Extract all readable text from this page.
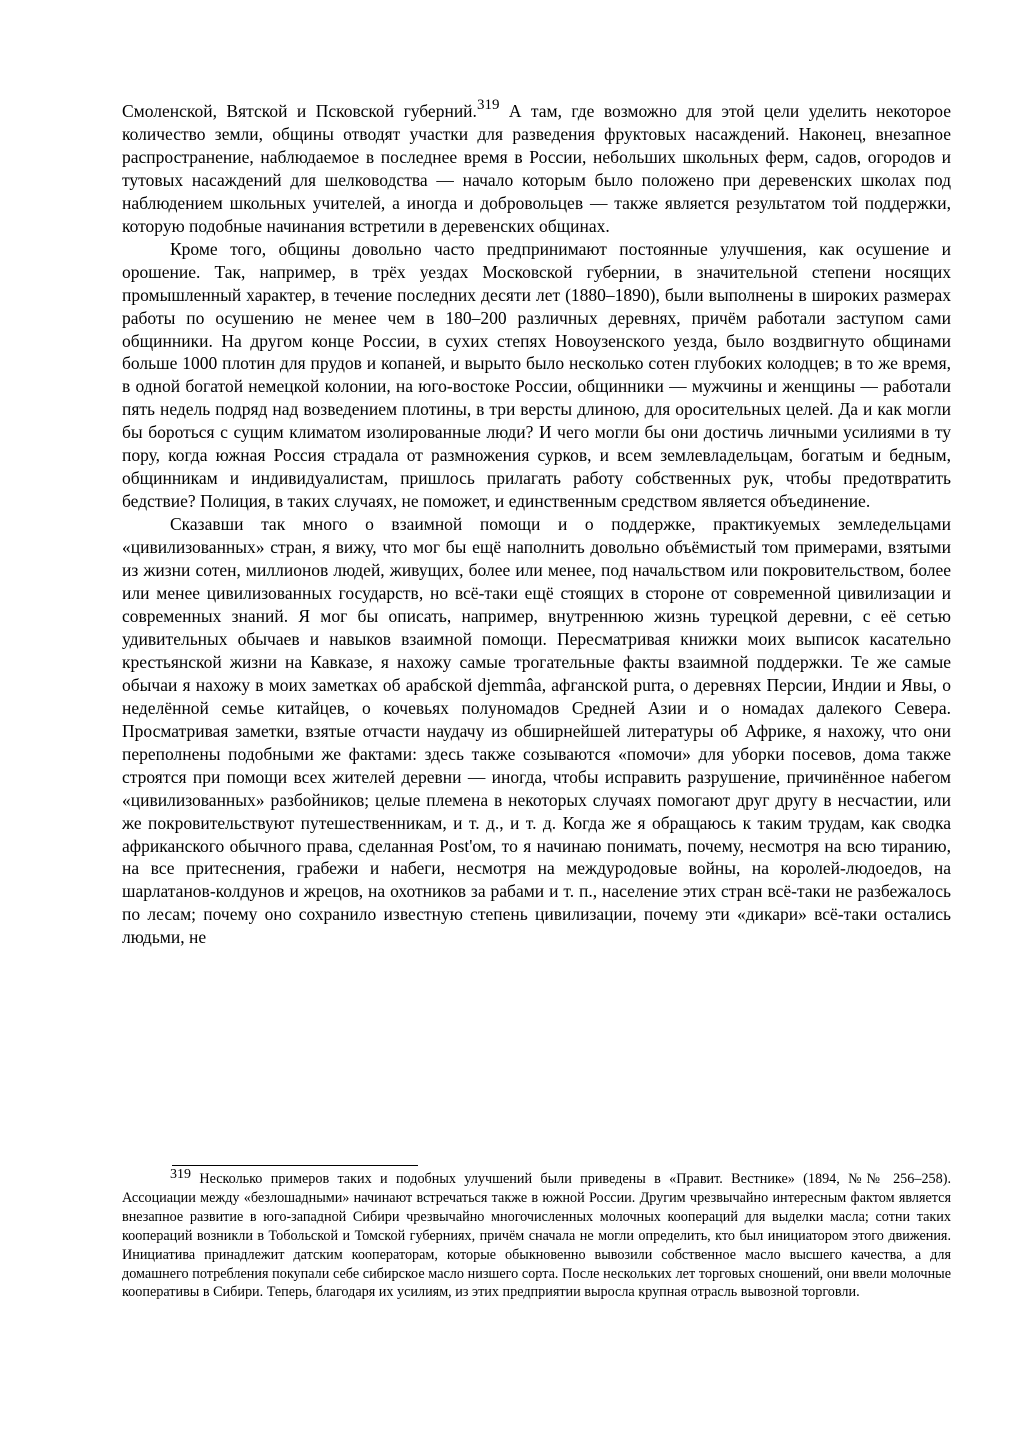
Смоленской, Вятской и Псковской губерний.319 А там, где возможно для этой цели уделить некоторое количество земли, общины отводят участки для разведения фруктовых насаждений. Наконец, внезапное распространение, наблюдаемое в последнее время в России, небольших школьных ферм, садов, огородов и тутовых насаждений для шелководства — начало которым было положено при деревенских школах под наблюдением школьных учителей, а иногда и добровольцев — также является результатом той поддержки, которую подобные начинания встретили в деревенских общинах.

Кроме того, общины довольно часто предпринимают постоянные улучшения, как осушение и орошение. Так, например, в трёх уездах Московской губернии, в значительной степени носящих промышленный характер, в течение последних десяти лет (1880–1890), были выполнены в широких размерах работы по осушению не менее чем в 180–200 различных деревнях, причём работали заступом сами общинники. На другом конце России, в сухих степях Новоузенского уезда, было воздвигнуто общинами больше 1000 плотин для прудов и копаней, и вырыто было несколько сотен глубоких колодцев; в то же время, в одной богатой немецкой колонии, на юго-востоке России, общинники — мужчины и женщины — работали пять недель подряд над возведением плотины, в три версты длиною, для оросительных целей. Да и как могли бы бороться с сущим климатом изолированные люди? И чего могли бы они достичь личными усилиями в ту пору, когда южная Россия страдала от размножения сурков, и всем землевладельцам, богатым и бедным, общинникам и индивидуалистам, пришлось прилагать работу собственных рук, чтобы предотвратить бедствие? Полиция, в таких случаях, не поможет, и единственным средством является объединение.

Сказавши так много о взаимной помощи и о поддержке, практикуемых земледельцами «цивилизованных» стран, я вижу, что мог бы ещё наполнить довольно объёмистый том примерами, взятыми из жизни сотен, миллионов людей, живущих, более или менее, под начальством или покровительством, более или менее цивилизованных государств, но всё-таки ещё стоящих в стороне от современной цивилизации и современных знаний. Я мог бы описать, например, внутреннюю жизнь турецкой деревни, с её сетью удивительных обычаев и навыков взаимной помощи. Пересматривая книжки моих выписок касательно крестьянской жизни на Кавказе, я нахожу самые трогательные факты взаимной поддержки. Те же самые обычаи я нахожу в моих заметках об арабской djemmâa, афганской purra, о деревнях Персии, Индии и Явы, о неделённой семье китайцев, о кочевьях полуномадов Средней Азии и о номадах далекого Севера. Просматривая заметки, взятые отчасти наудачу из обширнейшей литературы об Африке, я нахожу, что они переполнены подобными же фактами: здесь также созываются «помочи» для уборки посевов, дома также строятся при помощи всех жителей деревни — иногда, чтобы исправить разрушение, причинённое набегом «цивилизованных» разбойников; целые племена в некоторых случаях помогают друг другу в несчастии, или же покровительствуют путешественникам, и т. д., и т. д. Когда же я обращаюсь к таким трудам, как сводка африканского обычного права, сделанная Post'ом, то я начинаю понимать, почему, несмотря на всю тиранию, на все притеснения, грабежи и набеги, несмотря на междуродовые войны, на королей-людоедов, на шарлатанов-колдунов и жрецов, на охотников за рабами и т. п., население этих стран всё-таки не разбежалось по лесам; почему оно сохранило известную степень цивилизации, почему эти «дикари» всё-таки остались людьми, не

319 Несколько примеров таких и подобных улучшений были приведены в «Правит. Вестнике» (1894, №№ 256–258). Ассоциации между «безлошадными» начинают встречаться также в южной России. Другим чрезвычайно интересным фактом является внезапное развитие в юго-западной Сибири чрезвычайно многочисленных молочных коопераций для выделки масла; сотни таких коопераций возникли в Тобольской и Томской губерниях, причём сначала не могли определить, кто был инициатором этого движения. Инициатива принадлежит датским кооператорам, которые обыкновенно вывозили собственное масло высшего качества, а для домашнего потребления покупали себе сибирское масло низшего сорта. После нескольких лет торговых сношений, они ввели молочные кооперативы в Сибири. Теперь, благодаря их усилиям, из этих предприятии выросла крупная отрасль вывозной торговли.
